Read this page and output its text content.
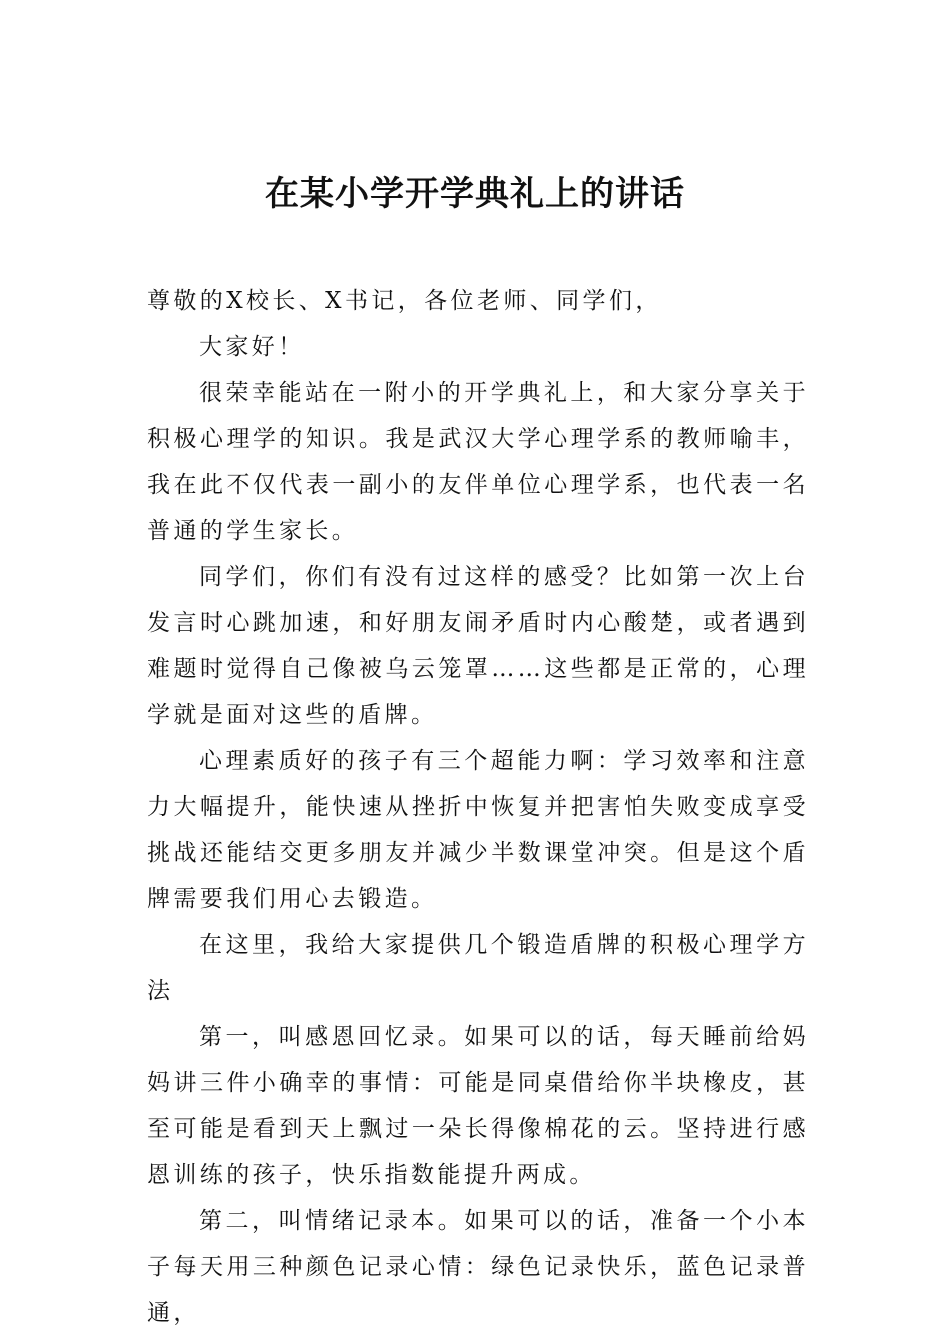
在某小学开学典礼上的讲话

尊敬的X校长、X书记，各位老师、同学们，

大家好！

很荣幸能站在一附小的开学典礼上，和大家分享关于积极心理学的知识。我是武汉大学心理学系的教师喻丰，我在此不仅代表一副小的友伴单位心理学系，也代表一名普通的学生家长。

同学们，你们有没有过这样的感受？比如第一次上台发言时心跳加速，和好朋友闹矛盾时内心酸楚，或者遇到难题时觉得自己像被乌云笼罩……这些都是正常的，心理学就是面对这些的盾牌。

心理素质好的孩子有三个超能力啊：学习效率和注意力大幅提升，能快速从挫折中恢复并把害怕失败变成享受挑战还能结交更多朋友并减少半数课堂冲突。但是这个盾牌需要我们用心去锻造。

在这里，我给大家提供几个锻造盾牌的积极心理学方法

第一，叫感恩回忆录。如果可以的话，每天睡前给妈妈讲三件小确幸的事情：可能是同桌借给你半块橡皮，甚至可能是看到天上飘过一朵长得像棉花的云。坚持进行感恩训练的孩子，快乐指数能提升两成。

第二，叫情绪记录本。如果可以的话，准备一个小本子每天用三种颜色记录心情：绿色记录快乐，蓝色记录普通，
